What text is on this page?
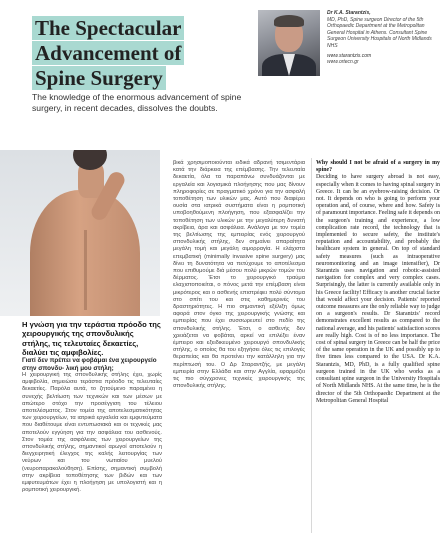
The Spectacular
Advancement of
Spine Surgery
The knowledge of the enormous advancement of spine surgery, in recent decades, dissolves the doubts.
Dr K.A. Starantzis,
MD, PhD, Spine surgeon Director of the 5th Orthopaedic Department at the Metropolitan General Hospital in Athens. Consultant Spine Surgeon University Hospitals of North Midlands NHS
www.starantzis.com
www.ortecn.gr
Η γνώση για την τεράστια πρόοδο της χειρουργικής της σπονδυλικής στήλης, τις τελευταίες δεκαετίες, διαλύει τις αμφιβολίες.
Γιατί δεν πρέπει να φοβάμαι ένα χειρουργείο στην σπονδυ- λική μου στήλη;
Η χειρουργική της σπονδυλικής στήλης έχει, χωρίς αμφιβολία, σημειώσει τεράστια πρόοδο τις τελευταίες δεκαετίες. Παρόλα αυτά, το ζητούμενο παραμένει η συνεχής βελτίωση των τεχνικών και των μέσων με απώτερο στόχο την προσέγγιση του τέλειου αποτελέσματος. Στον τομέα της αποτελεσματικότητας των χειρουργείων, τα ιατρικά εργαλεία και εμφυτεύματα που διαθέτουμε είναι εντυπωσιακά και οι τεχνικές μας αποτελούν εγγύηση για την ασφάλεια του ασθενούς. Στον τομέα της ασφάλειας των χειρουργείων της σπονδυλικής στήλης, σημαντικοί αρωγοί αποτελούν η διεγχειρητική έλεγχος της καλής λειτουργίας των νεύρων και του νωτιαίου μυελού (νευροπαρακολούθηση). Επίσης, σημαντική συμβολή στην ακρίβεια τοποθέτησης των βιδών και των εμφυτευμάτων έχει η πλοήγηση με υπολογιστή και η ρομποτική χειρουργική.
βικά χρησιμοποιούνται ειδικά αδρανή τσιμεντάρια κατά την διάρκεια της επέμβασης. Την τελευταία δεκαετία, όλα τα παραπάνω συνδυάζονται με εργαλεία και λογισμικά πλοήγησης που μας δίνουν πληροφορίες σε πραγματικό χρόνο για την ασφαλή τοποθέτηση των υλικών μας. Αυτό που διαφέρει ουσία στα ιατρικά συστήματα είναι η ρομποτική υποβοηθούμενη πλοήγηση, που εξασφαλίζει την τοποθέτηση των υλικών με την μεγαλύτερη δυνατή ακρίβεια, άρα και ασφάλεια. Ανάλογα με τον τομέα της βελτίωσης της εμπειρίας ενός χειρουργού σπονδυλικής στήλης, δεν σημαίνει απαραίτητα μεγάλη τομή και μεγάλη αιμορραγία. Η ελάχιστα επεμβατική (minimally invasive spine surgery) μας δίνει τη δυνατότητα να πετύχουμε το αποτέλεσμα που επιθυμούμε διά μέσου πολύ μικρών τομών του δέρματος. Έτσι το χειρουργικό τραύμα ελαχιστοποιείται, ο πόνος μετά την επέμβαση είναι μικρότερος και ο ασθενής επιστρέφει πολύ σύντομα στο σπίτι του και στις καθημερινές του δραστηριότητες. Η πιο σημαντική εξέλιξη όμως αφορά στον όγκο της χειρουργικής γνώσης και εμπειρίας που έχει συσσωρευτεί στο πεδίο της σπονδυλικής στήλης. Έτσι, ο ασθενής δεν χρειάζεται να φοβάται, αρκεί να επιλέξει έναν έμπειρο και εξειδικευμένο χειρουργό σπονδυλικής στήλης, ο οποίος θα του εξηγήσει όλες τις επιλογές θεραπείας και θα προτείνει την κατάλληλη για την περίπτωσή του. Ο Δρ Σταραντζής, με μεγάλη εμπειρία στην Ελλάδα και στην Αγγλία, εφαρμόζει τις πιο σύγχρονες τεχνικές χειρουργικής της σπονδυλικής στήλης.

Why should I not be afraid of a surgery in my spine?

Deciding to have surgery abroad is not easy, especially when it comes to having spinal surgery in Greece. It can be an eyebrow-raising decision. Or not. It depends on who is going to perform your operation and, of course, where and how. Safety is of paramount importance. Feeling safe it depends on the surgeon's training and experience, a low complication rate record, the technology that is implemented to secure safety, the institute's reputation and accountability, and probably the healthcare system in general. On top of standard safety measures (such as intraoperative neuromonitoring and an image intensifier), Dr Starantzis uses navigation and robotic-assisted navigation for complex and very complex cases. Surprisingly, the latter is currently available only in his Greece facility! Efficacy is another crucial factor that would affect your decision. Patients' reported outcome measures are the only reliable way to judge on a surgeon's results. Dr Starantzis' record demonstrates excellent results as compared to the national average, and his patients' satisfaction scores are really high. Cost is of no less importance. The cost of spinal surgery in Greece can be half the price of the same operation in the UK and possibly up to five times less compared to the USA. Dr K.A. Starantzis, MD, PhD, is a fully qualified spine surgeon trained in the UK who works as a consultant spine surgeon in the University Hospitals of North Midlands NHS. At the same time, he is the director of the 5th Orthopaedic Department at the Metropolitan General Hospital
